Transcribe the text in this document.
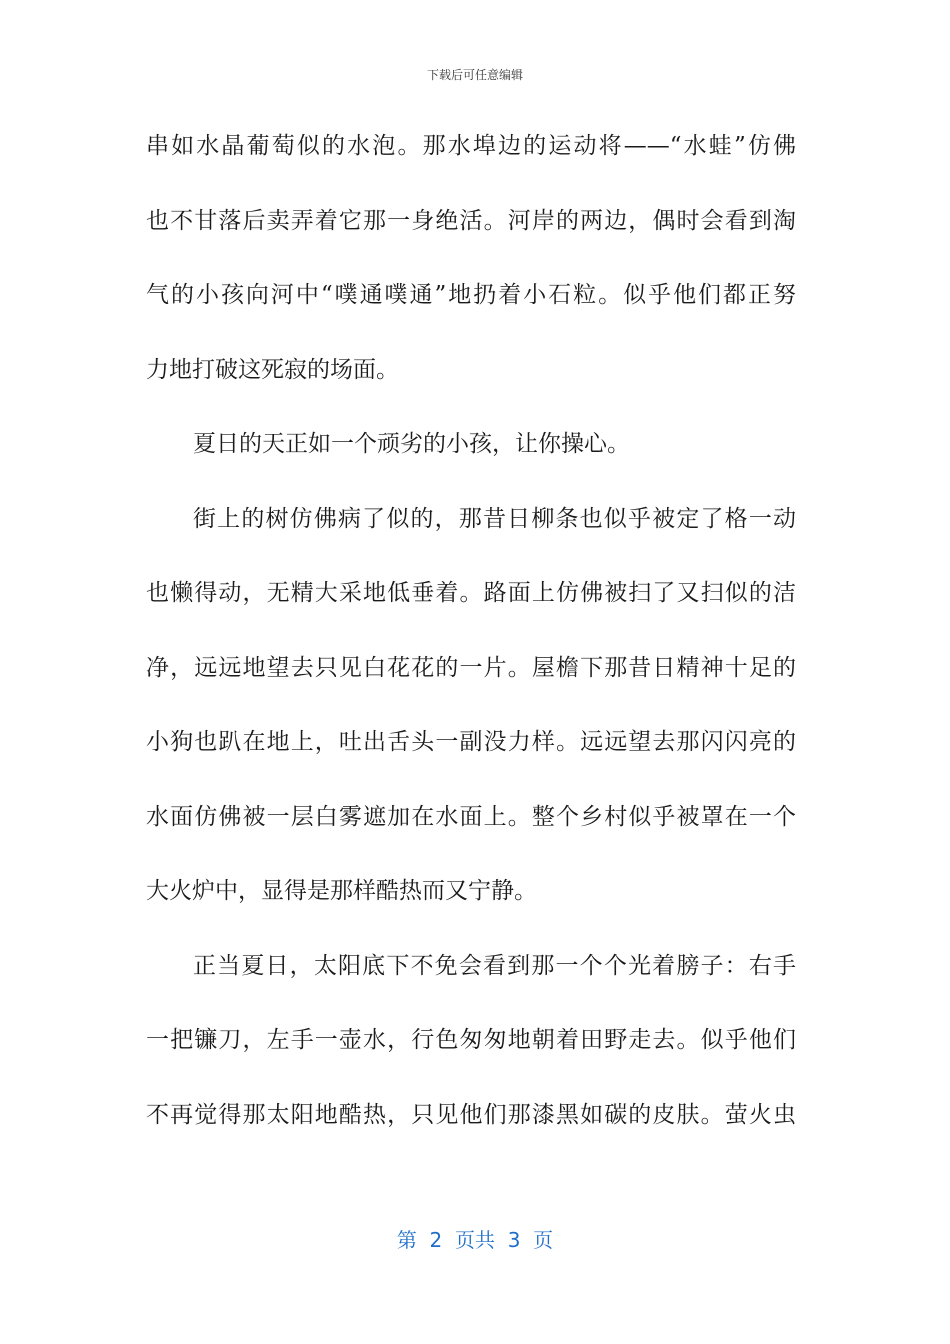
下载后可任意编辑
串如水晶葡萄似的水泡。那水埠边的运动将——“水蛙”仿佛
也不甘落后卖弄着它那一身绝活。河岸的两边，偶时会看到淘
气的小孩向河中“噗通噗通”地扔着小石粒。似乎他们都正努
力地打破这死寂的场面。
夏日的天正如一个顽劣的小孩，让你操心。
街上的树仿佛病了似的，那昔日柳条也似乎被定了格一动
也懒得动，无精大采地低垂着。路面上仿佛被扫了又扫似的洁
净，远远地望去只见白花花的一片。屋檐下那昔日精神十足的
小狗也趴在地上，吐出舌头一副没力样。远远望去那闪闪亮的
水面仿佛被一层白雾遮加在水面上。整个乡村似乎被罩在一个
大火炉中，显得是那样酷热而又宁静。
正当夏日，太阳底下不免会看到那一个个光着膀子：右手
一把镰刀，左手一壶水，行色匆匆地朝着田野走去。似乎他们
不再觉得那太阳地酷热，只见他们那漆黑如碳的皮肤。萤火虫
第  2  页共  3  页
